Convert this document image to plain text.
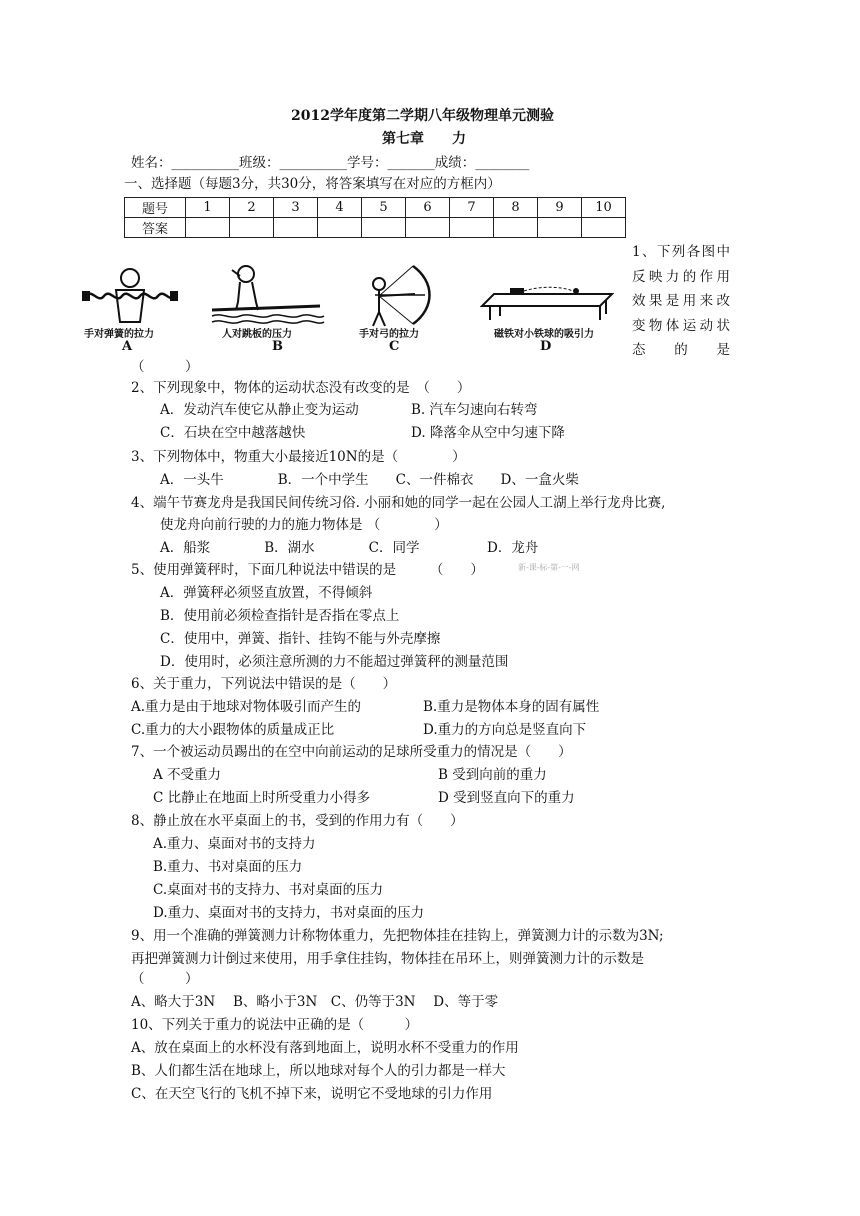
2012学年度第二学期八年级物理单元测验
第七章　　力
姓名：__________班级：__________学号：_______成绩：________
一、选择题（每题3分，共30分，将答案填写在对应的方框内）
题号	1	2	3	4	5	6	7	8	9	10
答案										
手对弹簧的拉力
A
人对跳板的压力
B
手对弓的拉力
C
磁铁对小铁球的吸引力
D
1、下列各图中
反映力的作用
效果是用来改
变物体运动状
态　的　是
（　　　）
2、下列现象中，物体的运动状态没有改变的是　（　　）
A．发动汽车使它从静止变为运动	B. 汽车匀速向右转弯
C．石块在空中越落越快	D. 降落伞从空中匀速下降
3、下列物体中，物重大小最接近10N的是（　　　　）
A．一头牛　　　　B．一个中学生　　C、一件棉衣　　D、一盒火柴
4、端午节赛龙舟是我国民间传统习俗. 小丽和她的同学一起在公园人工湖上举行龙舟比赛,
使龙舟向前行驶的力的施力物体是 （　　　　）
A．船浆　　　　B．湖水　　　　C．同学　　　　　D．龙舟
5、使用弹簧秤时，下面几种说法中错误的是　　　（　　）	新-课-标-第-一-网
A．弹簧秤必须竖直放置，不得倾斜
B．使用前必须检查指针是否指在零点上
C．使用中，弹簧、指针、挂钩不能与外壳摩擦
D．使用时，必须注意所测的力不能超过弹簧秤的测量范围
6、关于重力，下列说法中错误的是（　　）
A.重力是由于地球对物体吸引而产生的	B.重力是物体本身的固有属性
C.重力的大小跟物体的质量成正比	D.重力的方向总是竖直向下
7、一个被运动员踢出的在空中向前运动的足球所受重力的情况是（　　）
A 不受重力	B 受到向前的重力
C 比静止在地面上时所受重力小得多	D 受到竖直向下的重力
8、静止放在水平桌面上的书，受到的作用力有（　　）
A.重力、桌面对书的支持力
B.重力、书对桌面的压力
C.桌面对书的支持力、书对桌面的压力
D.重力、桌面对书的支持力，书对桌面的压力
9、用一个准确的弹簧测力计称物体重力，先把物体挂在挂钩上，弹簧测力计的示数为3N;
再把弹簧测力计倒过来使用，用手拿住挂钩，物体挂在吊环上，则弹簧测力计的示数是
（　　　）
A、略大于3N　 B、略小于3N　C、仍等于3N　 D、等于零
10、下列关于重力的说法中正确的是（　　　）
A、放在桌面上的水杯没有落到地面上，说明水杯不受重力的作用
B、人们都生活在地球上，所以地球对每个人的引力都是一样大
C、在天空飞行的飞机不掉下来，说明它不受地球的引力作用
